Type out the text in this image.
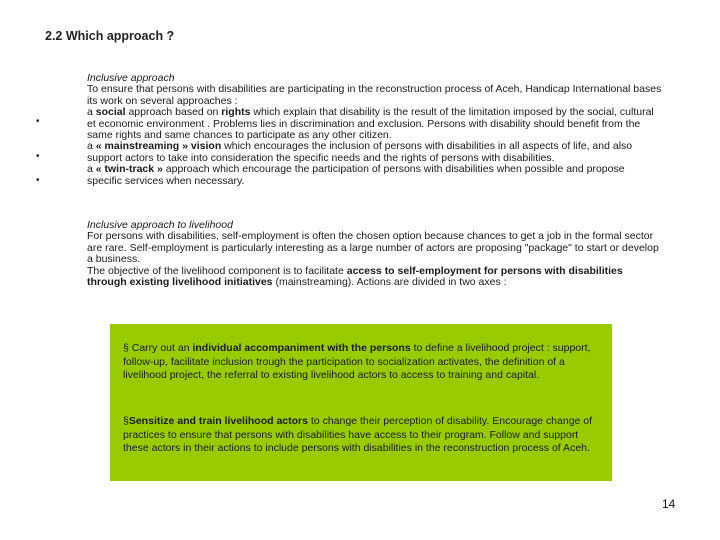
2.2 Which approach ?
•
•
•

Inclusive approach

To ensure that persons with disabilities are participating in the reconstruction process of Aceh, Handicap International bases its work on several approaches :

a social approach based on rights which explain that disability is the result of the limitation imposed by the social, cultural et economic environment . Problems lies in discrimination and exclusion. Persons with disability should benefit from the same rights and same chances to participate as any other citizen.

a « mainstreaming » vision which encourages the inclusion of persons with disabilities in all aspects of life, and also support actors to take into consideration the specific needs and the rights of persons with disabilities.

a « twin-track » approach which encourage the participation of persons with disabilities when possible and propose specific services when necessary.

Inclusive approach to livelihood

For persons with disabilities, self-employment is often the chosen option because chances to get a job in the formal sector are rare. Self-employment is particularly interesting as a large number of actors are proposing "package" to start or develop a business.

The objective of the livelihood component is to facilitate access to self-employment for persons with disabilities through existing livelihood initiatives (mainstreaming). Actions are divided in two axes :

§ Carry out an individual accompaniment with the persons to define a livelihood project : support, follow-up, facilitate inclusion trough the participation to socialization activates, the definition of a livelihood project, the referral to existing livelihood actors to access to training and capital.
§Sensitize and train livelihood actors to change their perception of disability. Encourage change of practices to ensure that persons with disabilities have access to their program. Follow and support these actors in their actions to include persons with disabilities in the reconstruction process of Aceh.
14
